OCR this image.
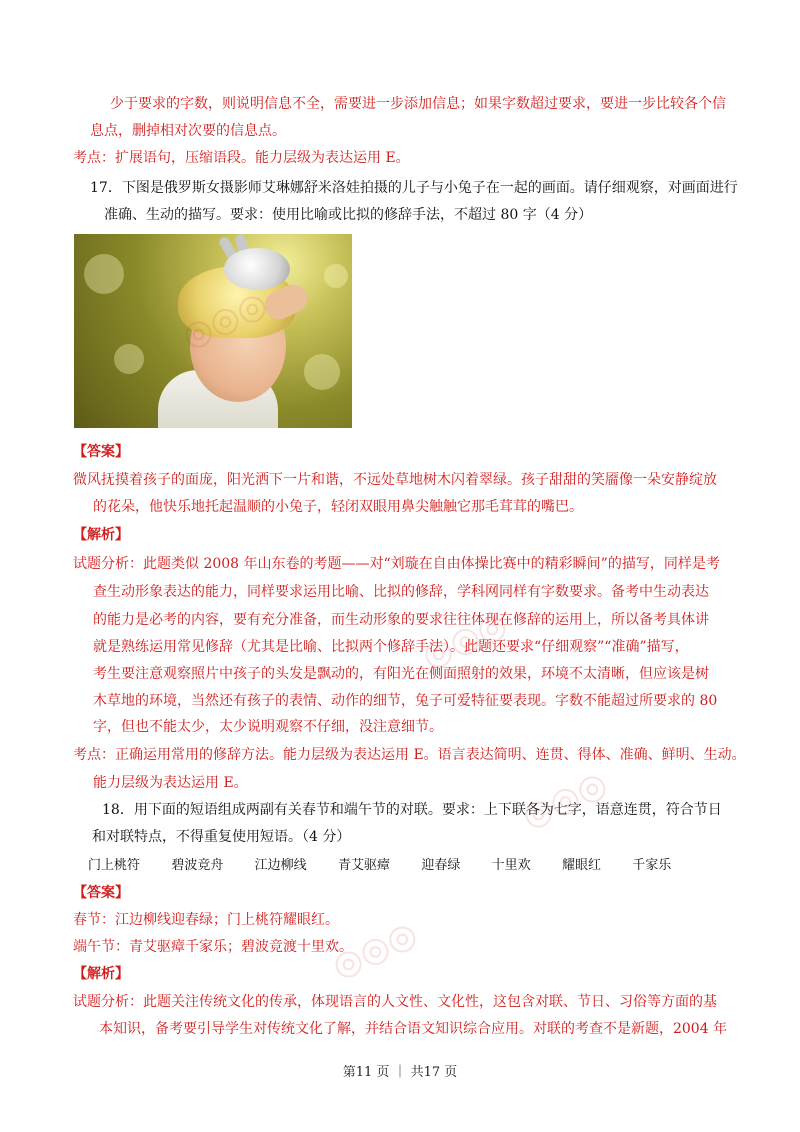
少于要求的字数，则说明信息不全，需要进一步添加信息；如果字数超过要求，要进一步比较各个信
息点，删掉相对次要的信息点。
考点：扩展语句，压缩语段。能力层级为表达运用 E。
17．下图是俄罗斯女摄影师艾琳娜舒米洛娃拍摄的儿子与小兔子在一起的画面。请仔细观察，对画面进行
准确、生动的描写。要求：使用比喻或比拟的修辞手法，不超过 80 字（4 分）
【答案】
微风抚摸着孩子的面庞，阳光洒下一片和谐，不远处草地树木闪着翠绿。孩子甜甜的笑靥像一朵安静绽放
的花朵，他快乐地托起温顺的小兔子，轻闭双眼用鼻尖触触它那毛茸茸的嘴巴。
【解析】
试题分析：此题类似 2008 年山东卷的考题——对“刘璇在自由体操比赛中的精彩瞬间”的描写，同样是考
查生动形象表达的能力，同样要求运用比喻、比拟的修辞，学科网同样有字数要求。备考中生动表达
的能力是必考的内容，要有充分准备，而生动形象的要求往往体现在修辞的运用上，所以备考具体讲
就是熟练运用常见修辞（尤其是比喻、比拟两个修辞手法）。此题还要求“仔细观察”“准确”描写，
考生要注意观察照片中孩子的头发是飘动的，有阳光在侧面照射的效果，环境不太清晰，但应该是树
木草地的环境，当然还有孩子的表情、动作的细节，兔子可爱特征要表现。字数不能超过所要求的 80
字，但也不能太少，太少说明观察不仔细，没注意细节。
考点：正确运用常用的修辞方法。能力层级为表达运用 E。语言表达简明、连贯、得体、准确、鲜明、生动。
能力层级为表达运用 E。
18．用下面的短语组成两副有关春节和端午节的对联。要求：上下联各为七字，语意连贯，符合节日
和对联特点，不得重复使用短语。（4 分）
门上桃符 碧波竞舟 江边柳线 青艾驱瘴 迎春绿 十里欢 耀眼红 千家乐
【答案】
春节：江边柳线迎春绿；门上桃符耀眼红。
端午节：青艾驱瘴千家乐；碧波竞渡十里欢。
【解析】
试题分析：此题关注传统文化的传承，体现语言的人文性、文化性，这包含对联、节日、习俗等方面的基
本知识，备考要引导学生对传统文化了解，并结合语文知识综合应用。对联的考查不是新题，2004 年
◎◎◎
◎◎◎
◎◎◎
第11 页 ｜ 共17 页
